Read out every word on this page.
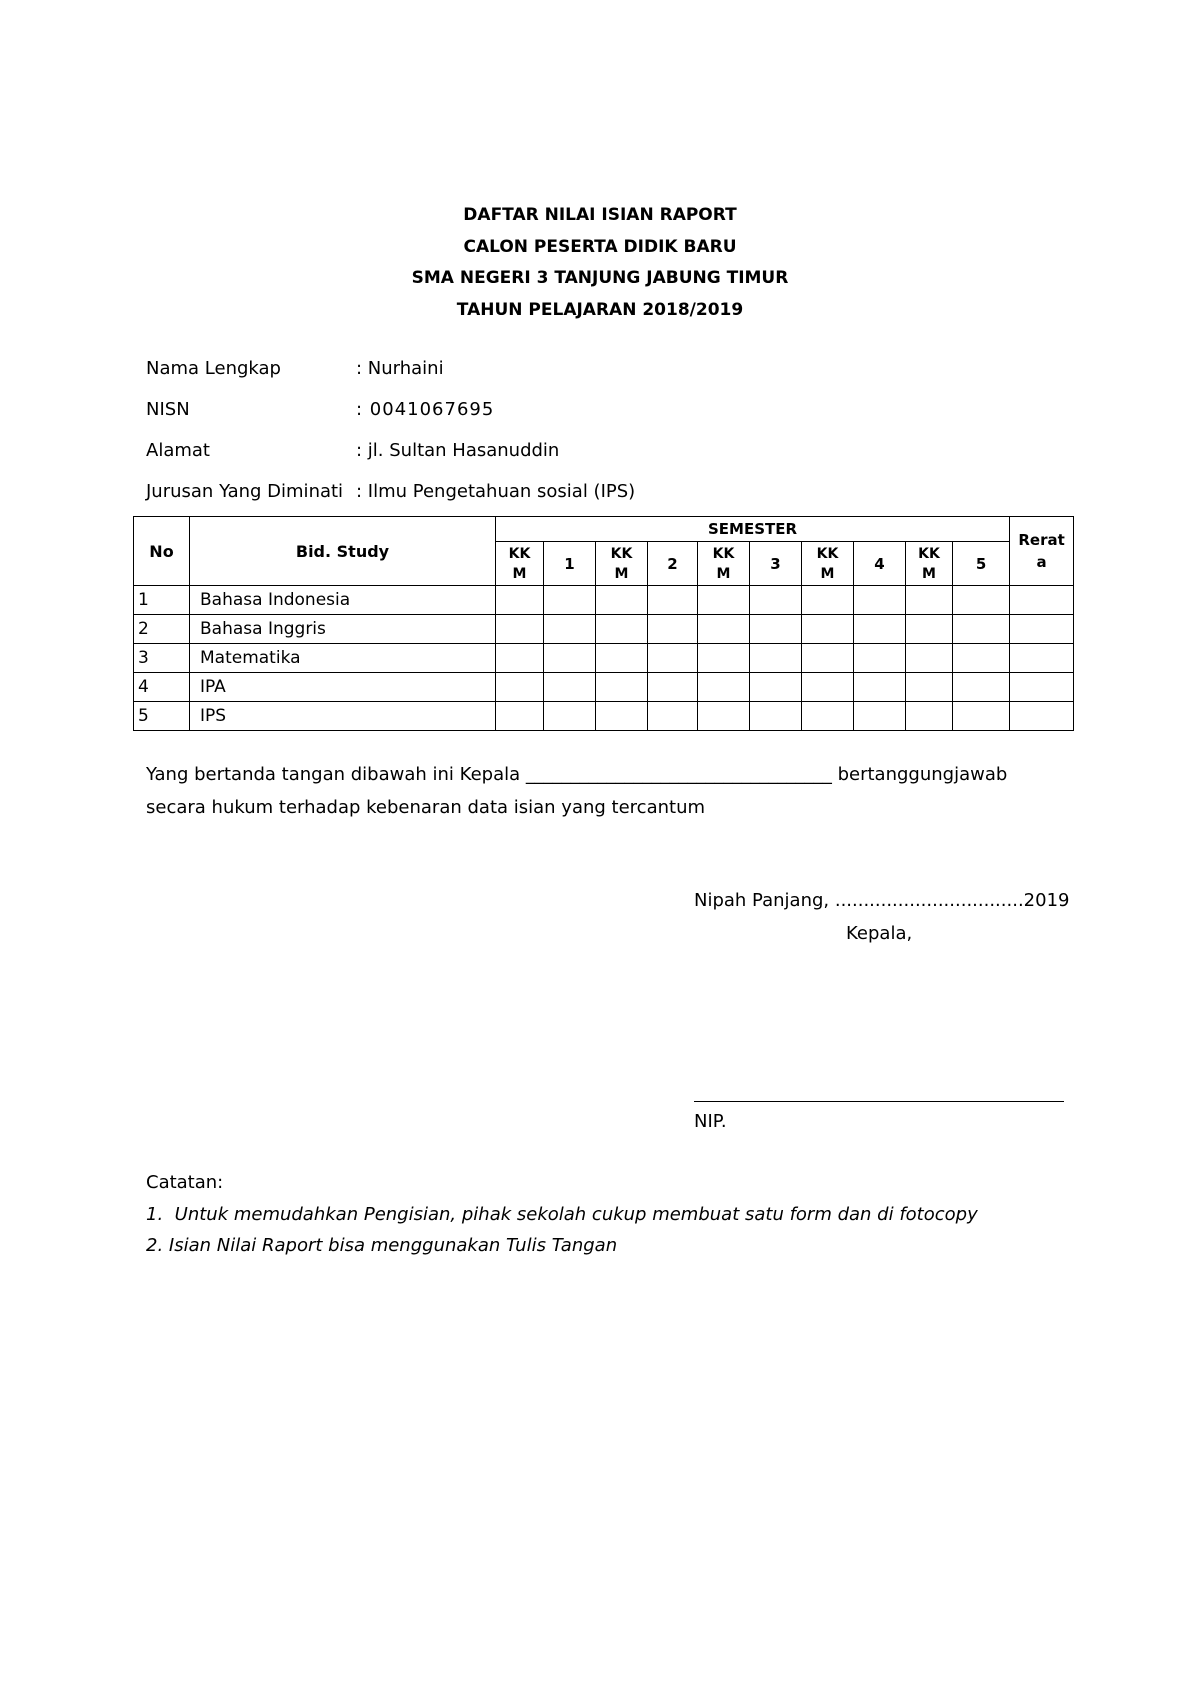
DAFTAR NILAI ISIAN RAPORT
CALON PESERTA DIDIK BARU
SMA NEGERI 3 TANJUNG JABUNG TIMUR
TAHUN PELAJARAN 2018/2019
Nama Lengkap	: Nurhaini
NISN	: 0041067695
Alamat	: jl. Sultan Hasanuddin
Jurusan Yang Diminati : Ilmu Pengetahuan sosial (IPS)
No	Bid. Study	SEMESTER										Rerata
		KKM	1	KKM	2	KKM	3	KKM	4	KKM	5	
1	Bahasa Indonesia											
2	Bahasa Inggris											
3	Matematika											
4	IPA											
5	IPS											
Yang bertanda tangan dibawah ini Kepala __________________________________ bertanggungjawab
secara hukum terhadap kebenaran data isian yang tercantum
Nipah Panjang, .................................2019
Kepala,
NIP.
Catatan:
1. Untuk memudahkan Pengisian, pihak sekolah cukup membuat satu form dan di fotocopy
2. Isian Nilai Raport bisa menggunakan Tulis Tangan
